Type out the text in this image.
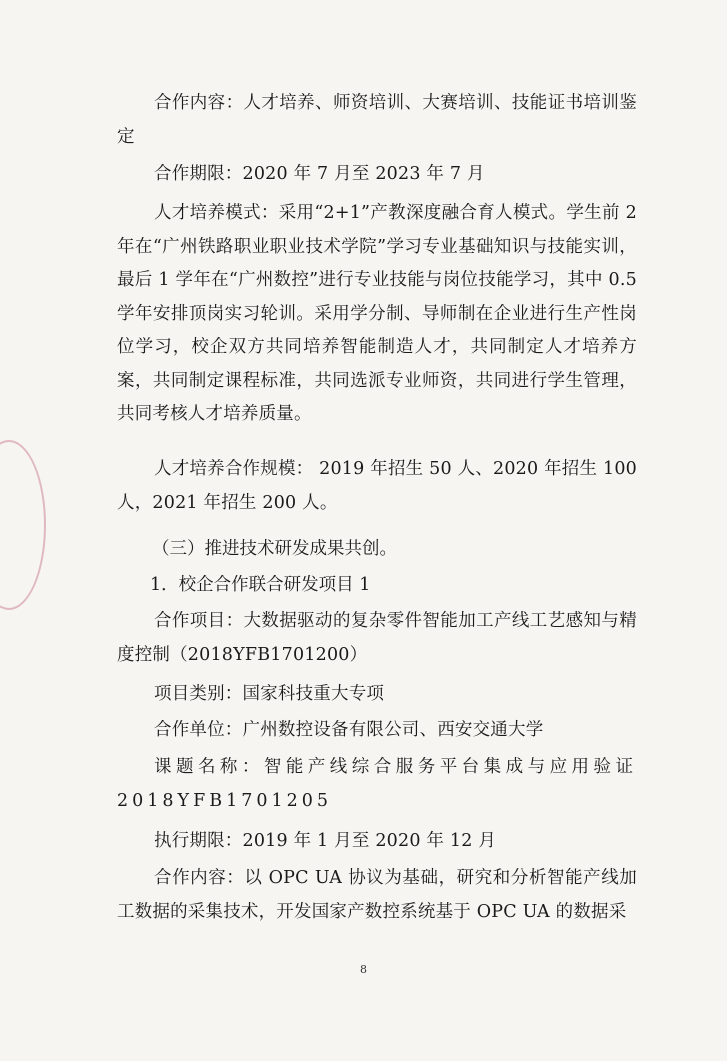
合作内容：人才培养、师资培训、大赛培训、技能证书培训鉴定

合作期限：2020 年 7 月至 2023 年 7 月

人才培养模式：采用“2+1”产教深度融合育人模式。学生前 2 年在“广州铁路职业职业技术学院”学习专业基础知识与技能实训，最后 1 学年在“广州数控”进行专业技能与岗位技能学习，其中 0.5 学年安排顶岗实习轮训。采用学分制、导师制在企业进行生产性岗位学习，校企双方共同培养智能制造人才，共同制定人才培养方案，共同制定课程标准，共同选派专业师资，共同进行学生管理，共同考核人才培养质量。

人才培养合作规模： 2019 年招生 50 人、2020 年招生 100 人，2021 年招生 200 人。

（三）推进技术研发成果共创。

1．校企合作联合研发项目 1

合作项目：大数据驱动的复杂零件智能加工产线工艺感知与精度控制（2018YFB1701200）

项目类别：国家科技重大专项

合作单位：广州数控设备有限公司、西安交通大学

课题名称：智能产线综合服务平台集成与应用验证 2018YFB1701205

执行期限：2019 年 1 月至 2020 年 12 月

合作内容：以 OPC UA 协议为基础，研究和分析智能产线加工数据的采集技术，开发国家产数控系统基于 OPC UA 的数据采

8
